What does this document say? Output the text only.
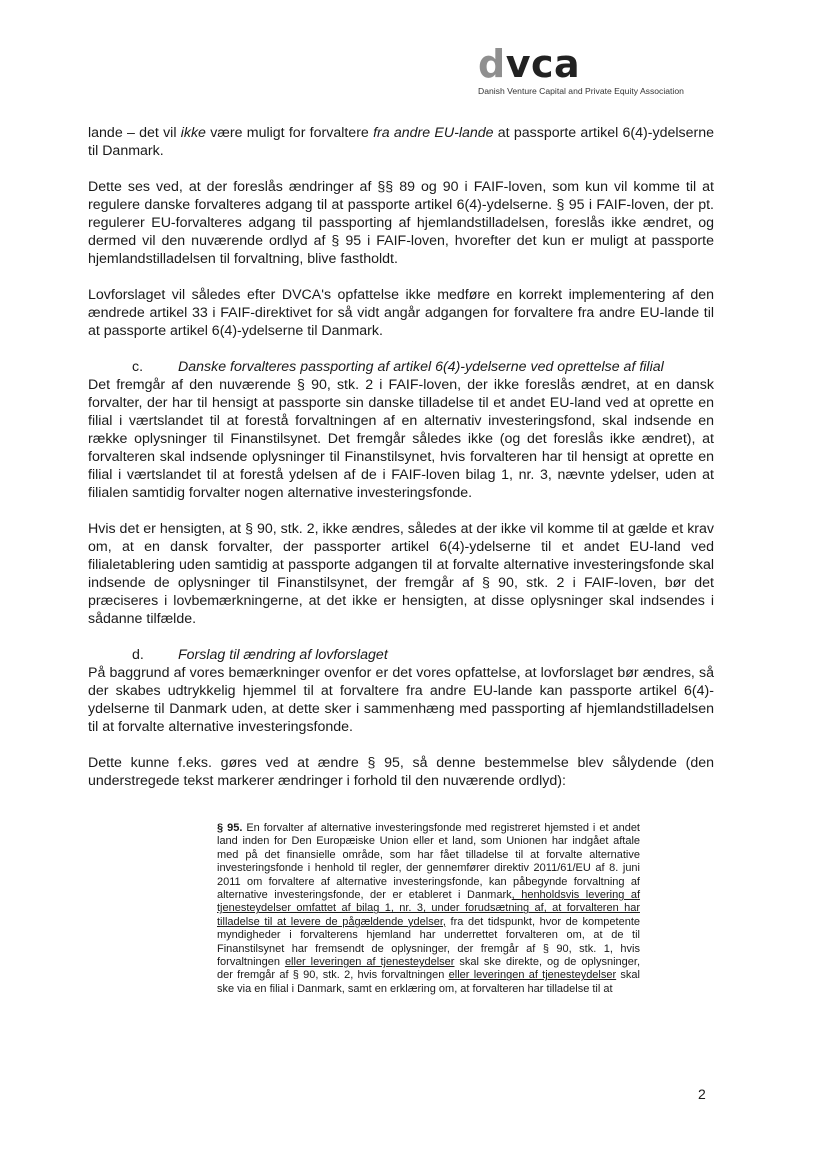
dvca
Danish Venture Capital and Private Equity Association

lande – det vil ikke være muligt for forvaltere fra andre EU-lande at passporte artikel 6(4)-ydelserne til Danmark.

Dette ses ved, at der foreslås ændringer af §§ 89 og 90 i FAIF-loven, som kun vil komme til at regulere danske forvalteres adgang til at passporte artikel 6(4)-ydelserne. § 95 i FAIF-loven, der pt. regulerer EU-forvalteres adgang til passporting af hjemlandstilladelsen, foreslås ikke ændret, og dermed vil den nuværende ordlyd af § 95 i FAIF-loven, hvorefter det kun er muligt at passporte hjemlandstilladelsen til forvaltning, blive fastholdt.

Lovforslaget vil således efter DVCA's opfattelse ikke medføre en korrekt implementering af den ændrede artikel 33 i FAIF-direktivet for så vidt angår adgangen for forvaltere fra andre EU-lande til at passporte artikel 6(4)-ydelserne til Danmark.

c.	Danske forvalteres passporting af artikel 6(4)-ydelserne ved oprettelse af filial

Det fremgår af den nuværende § 90, stk. 2 i FAIF-loven, der ikke foreslås ændret, at en dansk forvalter, der har til hensigt at passporte sin danske tilladelse til et andet EU-land ved at oprette en filial i værtslandet til at forestå forvaltningen af en alternativ investeringsfond, skal indsende en række oplysninger til Finanstilsynet. Det fremgår således ikke (og det foreslås ikke ændret), at forvalteren skal indsende oplysninger til Finanstilsynet, hvis forvalteren har til hensigt at oprette en filial i værtslandet til at forestå ydelsen af de i FAIF-loven bilag 1, nr. 3, nævnte ydelser, uden at filialen samtidig forvalter nogen alternative investeringsfonde.

Hvis det er hensigten, at § 90, stk. 2, ikke ændres, således at der ikke vil komme til at gælde et krav om, at en dansk forvalter, der passporter artikel 6(4)-ydelserne til et andet EU-land ved filialetablering uden samtidig at passporte adgangen til at forvalte alternative investeringsfonde skal indsende de oplysninger til Finanstilsynet, der fremgår af § 90, stk. 2 i FAIF-loven, bør det præciseres i lovbemærkningerne, at det ikke er hensigten, at disse oplysninger skal indsendes i sådanne tilfælde.

d.	Forslag til ændring af lovforslaget

På baggrund af vores bemærkninger ovenfor er det vores opfattelse, at lovforslaget bør ændres, så der skabes udtrykkelig hjemmel til at forvaltere fra andre EU-lande kan passporte artikel 6(4)-ydelserne til Danmark uden, at dette sker i sammenhæng med passporting af hjemlandstilladelsen til at forvalte alternative investeringsfonde.

Dette kunne f.eks. gøres ved at ændre § 95, så denne bestemmelse blev sålydende (den understregede tekst markerer ændringer i forhold til den nuværende ordlyd):

§ 95. En forvalter af alternative investeringsfonde med registreret hjemsted i et andet land inden for Den Europæiske Union eller et land, som Unionen har indgået aftale med på det finansielle område, som har fået tilladelse til at forvalte alternative investeringsfonde i henhold til regler, der gennemfører direktiv 2011/61/EU af 8. juni 2011 om forvaltere af alternative investeringsfonde, kan påbegynde forvaltning af alternative investeringsfonde, der er etableret i Danmark, henholdsvis levering af tjenesteydelser omfattet af bilag 1, nr. 3, under forudsætning af, at forvalteren har tilladelse til at levere de pågældende ydelser, fra det tidspunkt, hvor de kompetente myndigheder i forvalterens hjemland har underrettet forvalteren om, at de til Finanstilsynet har fremsendt de oplysninger, der fremgår af § 90, stk. 1, hvis forvaltningen eller leveringen af tjenesteydelser skal ske direkte, og de oplysninger, der fremgår af § 90, stk. 2, hvis forvaltningen eller leveringen af tjenesteydelser skal ske via en filial i Danmark, samt en erklæring om, at forvalteren har tilladelse til at
2
